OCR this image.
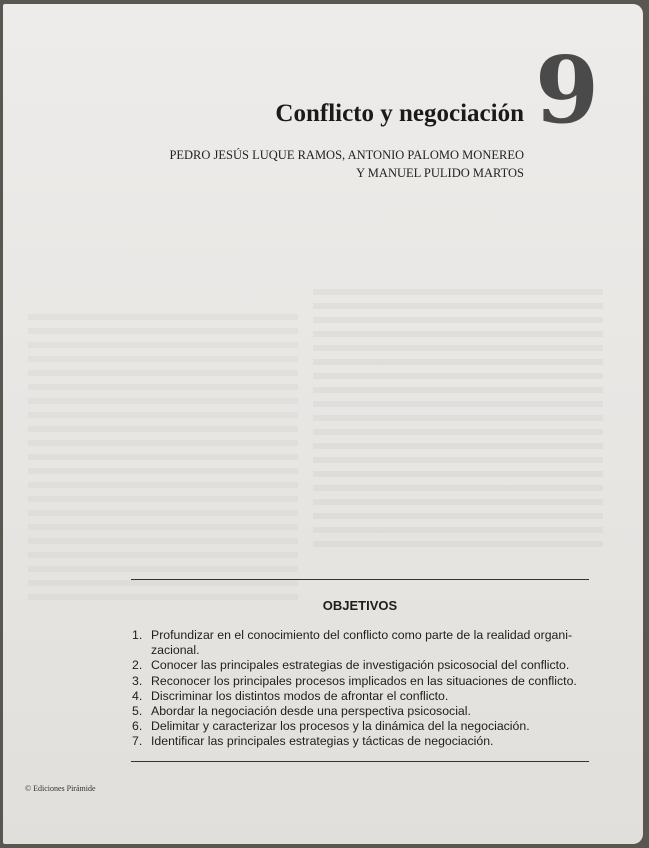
9
Conflicto y negociación
PEDRO JESÚS LUQUE RAMOS, ANTONIO PALOMO MONEREO
Y MANUEL PULIDO MARTOS
OBJETIVOS
1. Profundizar en el conocimiento del conflicto como parte de la realidad organi-zacional.
2. Conocer las principales estrategias de investigación psicosocial del conflicto.
3. Reconocer los principales procesos implicados en las situaciones de conflicto.
4. Discriminar los distintos modos de afrontar el conflicto.
5. Abordar la negociación desde una perspectiva psicosocial.
6. Delimitar y caracterizar los procesos y la dinámica del la negociación.
7. Identificar las principales estrategias y tácticas de negociación.
© Ediciones Pirámide
